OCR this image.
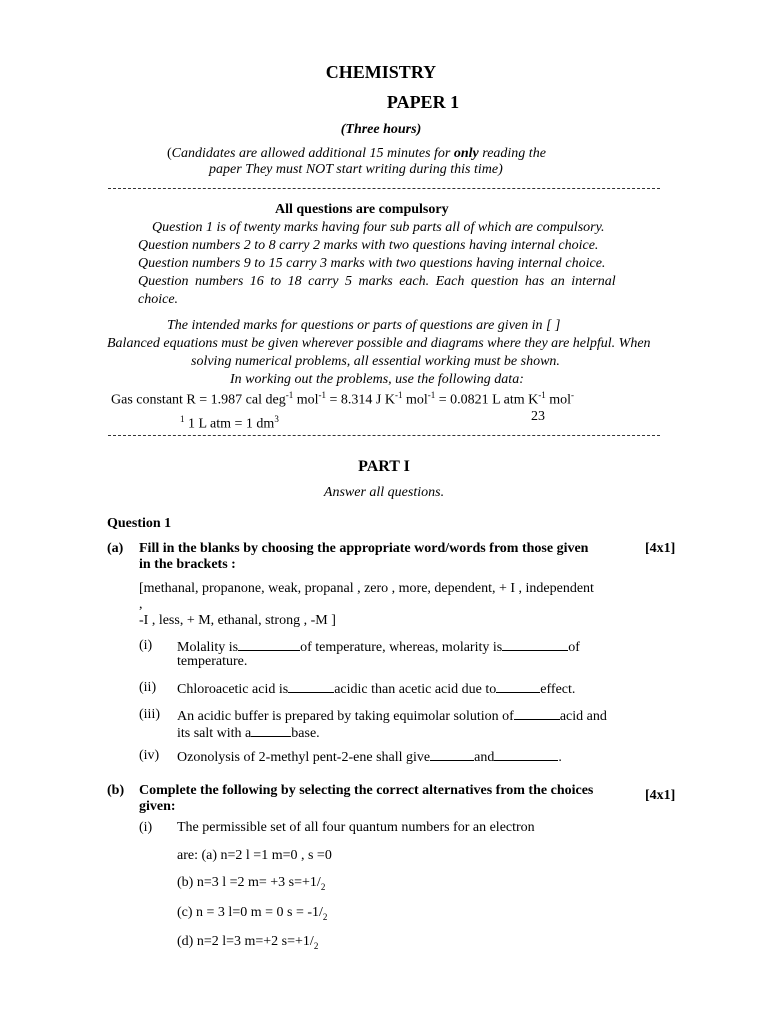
CHEMISTRY
PAPER 1
(Three hours)
(Candidates are allowed additional 15 minutes for only reading the
paper They must NOT start writing during this time)
All questions are compulsory
Question 1 is of twenty marks having four sub parts all of which are compulsory.
Question numbers 2 to 8 carry 2 marks with two questions having internal choice.
Question numbers 9 to 15 carry 3 marks with two questions having internal choice.
Question numbers 16 to 18 carry 5 marks each. Each question has an internal
choice.
The intended marks for questions or parts of questions are given in [ ]
Balanced equations must be given wherever possible and diagrams where they are helpful. When
solving numerical problems, all essential working must be shown.
In working out the problems, use the following data:
Gas constant R = 1.987 cal deg$^{-1}$ mol$^{-1}$ = 8.314 J $K^{-1}$ mol$^{-1}$ = 0.0821 L atm $K^{-1}$ mol-
23
$^1$ 1 L atm = 1 $dm^3$
PART I
Answer all questions.
Question 1
(a) Fill in the blanks by choosing the appropriate word/words from those given
in the brackets :
[4x1]
[methanal, propanone, weak, propanal , zero , more, dependent, + I , independent
,
-I , less, + M, ethanal, strong , -M ]
(i) Molality is	of temperature, whereas, molarity is	of
temperature.
(ii) Chloroacetic acid is	acidic than acetic acid due to	effect.
(iii) An acidic buffer is prepared by taking equimolar solution of	acid and
its salt with a	base.
(iv) Ozonolysis of 2-methyl pent-2-ene shall give	and	.
(b) Complete the following by selecting the correct alternatives from the choices
given:
[4x1]
(i) The permissible set of all four quantum numbers for an electron
are: (a) n=2 l =1 m=0 , s =0
(b) n=3 l =2 m= +3 $s=+1/_2$
(c) n = 3 l=0 m = 0 $s = -1/_2$
(d) n=2 l=3 m=+2 $s=+1/_2$
